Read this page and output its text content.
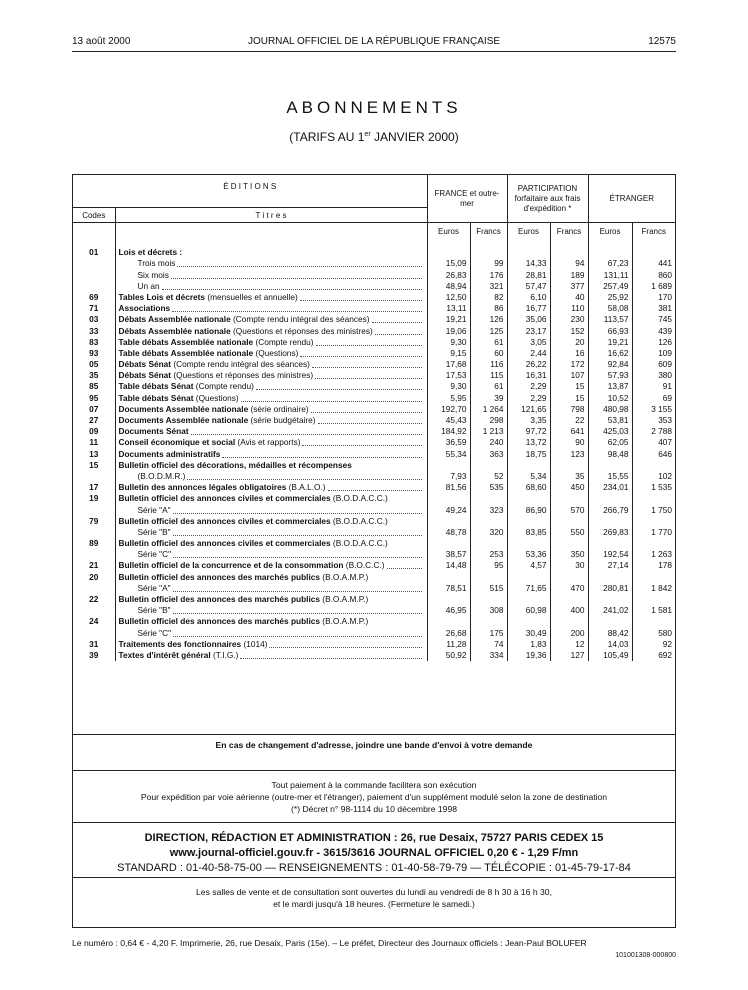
13 août 2000	JOURNAL OFFICIEL DE LA RÉPUBLIQUE FRANÇAISE	12575
ABONNEMENTS
(TARIFS AU 1er JANVIER 2000)
É D I T I O N S		FRANCE et outre-mer		PARTICIPATION forfaitaire aux frais d'expédition *		ÉTRANGER	
Codes	T i t r e s						
		Euros	Francs	Euros	Francs	Euros	Francs

01	Lois et décrets :						

	Trois mois	15,09	99	14,33	94	67,23	441

	Six mois	26,83	176	28,81	189	131,11	860

	Un an	48,94	321	57,47	377	257,49	1 689
69	Tables Lois et décrets (mensuelles et annuelle)	12,50	82	6,10	40	25,92	170
71	Associations	13,11	86	16,77	110	58,08	381
03	Débats Assemblée nationale (Compte rendu intégral des séances)	19,21	126	35,06	230	113,57	745
33	Débats Assemblée nationale (Questions et réponses des ministres)	19,06	125	23,17	152	66,93	439
83	Table débats Assemblée nationale (Compte rendu)	9,30	61	3,05	20	19,21	126
93	Table débats Assemblée nationale (Questions)	9,15	60	2,44	16	16,62	109
05	Débats Sénat (Compte rendu intégral des séances)	17,68	116	26,22	172	92,84	609
35	Débats Sénat (Questions et réponses des ministres)	17,53	115	16,31	107	57,93	380
85	Table débats Sénat (Compte rendu)	9,30	61	2,29	15	13,87	91
95	Table débats Sénat (Questions)	5,95	39	2,29	15	10,52	69
07	Documents Assemblée nationale (série ordinaire)	192,70	1 264	121,65	798	480,98	3 155
27	Documents Assemblée nationale (série budgétaire)	45,43	298	3,35	22	53,81	353
09	Documents Sénat	184,92	1 213	97,72	641	425,03	2 788
11	Conseil économique et social (Avis et rapports)	36,59	240	13,72	90	62,05	407
13	Documents administratifs	55,34	363	18,75	123	98,48	646
15	Bulletin officiel des décorations, médailles et récompenses						

	(B.O.D.M.R.)	7,93	52	5,34	35	15,55	102
17	Bulletin des annonces légales obligatoires (B.A.L.O.)	81,56	535	68,60	450	234,01	1 535
19	Bulletin officiel des annonces civiles et commerciales (B.O.D.A.C.C.)						

	Série "A"	49,24	323	86,90	570	266,79	1 750
79	Bulletin officiel des annonces civiles et commerciales (B.O.D.A.C.C.)						

	Série "B"	48,78	320	83,85	550	269,83	1 770
89	Bulletin officiel des annonces civiles et commerciales (B.O.D.A.C.C.)						

	Série "C"	38,57	253	53,36	350	192,54	1 263
21	Bulletin officiel de la concurrence et de la consommation (B.O.C.C.)	14,48	95	4,57	30	27,14	178
20	Bulletin officiel des annonces des marchés publics (B.O.A.M.P.)						

	Série "A"	78,51	515	71,65	470	280,81	1 842
22	Bulletin officiel des annonces des marchés publics (B.O.A.M.P.)						

	Série "B"	46,95	308	60,98	400	241,02	1 581
24	Bulletin officiel des annonces des marchés publics (B.O.A.M.P.)						

	Série "C"	26,68	175	30,49	200	88,42	580
31	Traitements des fonctionnaires (1014)	11,28	74	1,83	12	14,03	92
39	Textes d'intérêt général (T.I.G.)	50,92	334	19,36	127	105,49	692
En cas de changement d'adresse, joindre une bande d'envoi à votre demande
Tout paiement à la commande facilitera son exécution
Pour expédition par voie aérienne (outre-mer et l'étranger), paiement d'un supplément modulé selon la zone de destination
(*) Décret n° 98-1114 du 10 décembre 1998
DIRECTION, RÉDACTION ET ADMINISTRATION : 26, rue Desaix, 75727 PARIS CEDEX 15
www.journal-officiel.gouv.fr - 3615/3616 JOURNAL OFFICIEL 0,20 € - 1,29 F/mn
STANDARD : 01-40-58-75-00 — RENSEIGNEMENTS : 01-40-58-79-79 — TÉLÉCOPIE : 01-45-79-17-84
Les salles de vente et de consultation sont ouvertes du lundi au vendredi de 8 h 30 à 16 h 30,
et le mardi jusqu'à 18 heures. (Fermeture le samedi.)
Le numéro : 0,64 € - 4,20 F. Imprimerie, 26, rue Desaix, Paris (15e). – Le préfet, Directeur des Journaux officiels : Jean-Paul BOLUFER
101001308-000800
